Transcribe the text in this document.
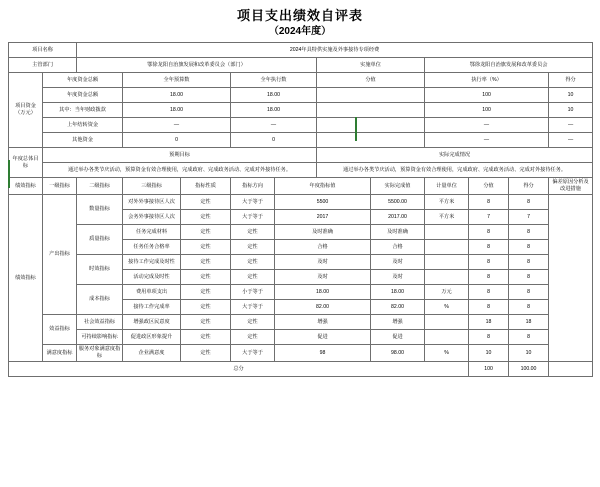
项目支出绩效自评表
（2024年度）
项目名称		2024年具特供实施及外事接待专项经费										
主管部门		鄂徐龙阳自治旗发展和改革委员会（部门）					实施单位		鄂徐龙阳自治旗发展和改革委员会			

项目资金
（万元）	年度资金总额		全年预算数		全年执行数		分值		执行率（%）			得分
	年度资金总额		18.00		18.00				100			10
	其中：当年财政拨款		18.00		18.00				100			10
	上年结转资金		—		—				—			—
	其他资金		0		0				—			—
年度总体目标	预期目标						实际完成情况					
	通过举办各类节庆活动，预算资金有效合理使用，完成政府、完成政务活动、完成对外接待任务。						通过举办各类节庆活动，预算资金有效合理使用，完成政府、完成政务活动、完成对外接待任务。					
绩效指标	一级指标	二级指标	三级指标	指标性质	指标方向	年度指标值		实际完成值	计量单位	分值	得分	偏差原因分析及改进措施
绩效指标	产出指标	数量指标	对外外事接待区人次	定性	大于等于	5500		5500.00	平方米	8	8	
			会务外事接待区人次	定性	大于等于	2017		2017.00	平方米	7	7	
		质量指标	任务完成材料	定性	定性	及时准确		及时准确		8	8	
			任务任务合格率	定性	定性	合格		合格		8	8	
		时效指标	接待工作完成及时性	定性	定性	及时		及时		8	8	
			活动完成及时性	定性	定性	及时		及时		8	8	
		成本指标	费用单项支出	定性	小于等于	18.00		18.00	万元	8	8	
			接待工作完成率	定性	大于等于	82.00		82.00	%	8	8	
	效益指标	社会效益指标	增强政区民意度	定性	定性	增强		增强		18	18	
		可持续影响指标	促进政区形象提升	定性	定性	促进		促进		8	8	
	满意度指标	服务对象满意度指标	企业满意度	定性	大于等于	98		98.00	%	10	10	
总分										100	100.00	
